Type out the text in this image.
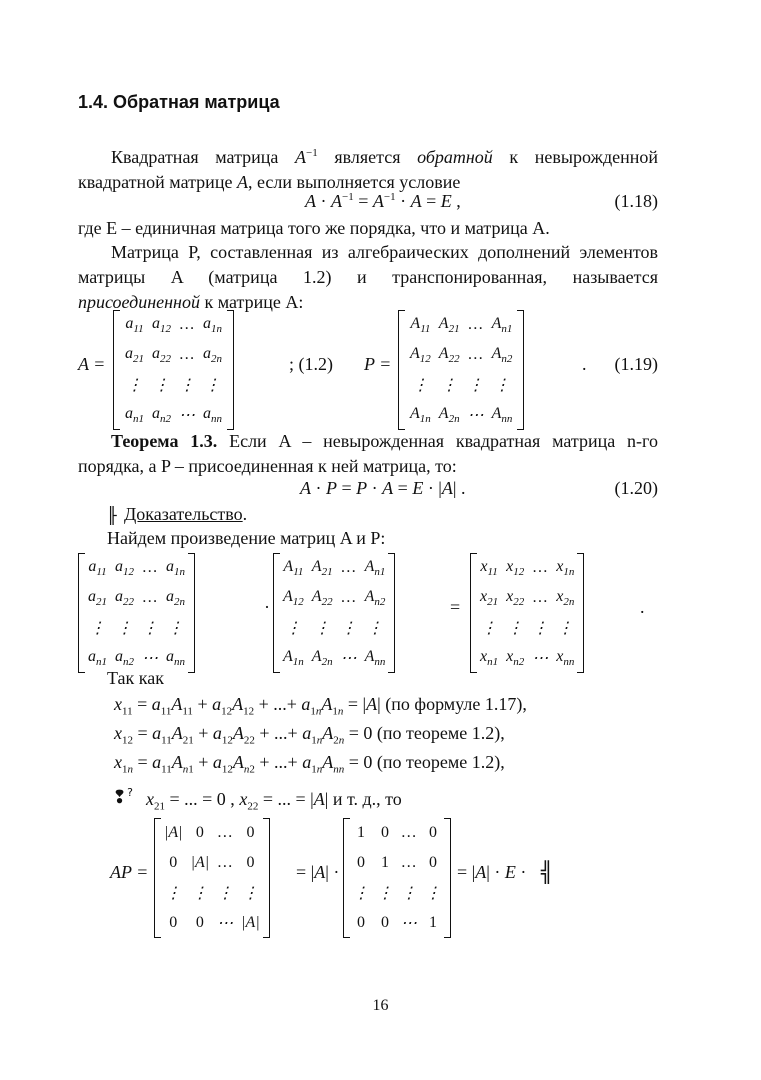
1.4. Обратная матрица
Квадратная матрица $A^{-1}$ является обратной к невырожденной квадратной матрице A, если выполняется условие
$A \cdot A^{-1} = A^{-1} \cdot A = E$ ,	(1.18)
где E – единичная матрица того же порядка, что и матрица A.
Матрица P, составленная из алгебраических дополнений элементов матрицы A (матрица 1.2) и транспонированная, называется присоединенной к матрице A:
A =
$a_{11}$	$a_{12}$	…	$a_{1n}$
$a_{21}$	$a_{22}$	…	$a_{2n}$
⋮	⋮	⋮	⋮
$a_{n1}$	$a_{n2}$	⋯	$a_{nn}$
; (1.2) P =
$A_{11}$	$A_{21}$	…	$A_{n1}$
$A_{12}$	$A_{22}$	…	$A_{n2}$
⋮	⋮	⋮	⋮
$A_{1n}$	$A_{2n}$	⋯	$A_{nn}$
. (1.19)
Теорема 1.3. Если A – невырожденная квадратная матрица n-го порядка, а P – присоединенная к ней матрица, то:
A · P = P · A = E · |A| .	(1.20)
╟ Доказательство.
Найдем произведение матриц A и P:
$a_{11}$	$a_{12}$	…	$a_{1n}$
$a_{21}$	$a_{22}$	…	$a_{2n}$
⋮	⋮	⋮	⋮
$a_{n1}$	$a_{n2}$	⋯	$a_{nn}$
·
$A_{11}$	$A_{21}$	…	$A_{n1}$
$A_{12}$	$A_{22}$	…	$A_{n2}$
⋮	⋮	⋮	⋮
$A_{1n}$	$A_{2n}$	⋯	$A_{nn}$
=
$x_{11}$	$x_{12}$	…	$x_{1n}$
$x_{21}$	$x_{22}$	…	$x_{2n}$
⋮	⋮	⋮	⋮
$x_{n1}$	$x_{n2}$	⋯	$x_{nn}$
.
Так как
$x_{11} = a_{11}A_{11} + a_{12}A_{12}$ + ...+ $a_{1n}A_{1n} = |A|$ (по формуле 1.17),
$x_{12} = a_{11}A_{21} + a_{12}A_{22}$ + ...+ $a_{1n}A_{2n} = 0$ (по теореме 1.2),
$x_{1n} = a_{11}A_{n1} + a_{12}A_{n2}$ + ...+ $a_{1n}A_{nn} = 0$ (по теореме 1.2),
❢? $x_{21}$ = ... = 0 , $x_{22}$ = ... = |A| и т. д., то
AP =
|A|	0	…	0
0	|A|	…	0
⋮	⋮	⋮	⋮
0	0	⋯	|A|
= |A| ·
1	0	…	0
0	1	…	0
⋮	⋮	⋮	⋮
0	0	⋯	1
= |A| · E · ╣
16
